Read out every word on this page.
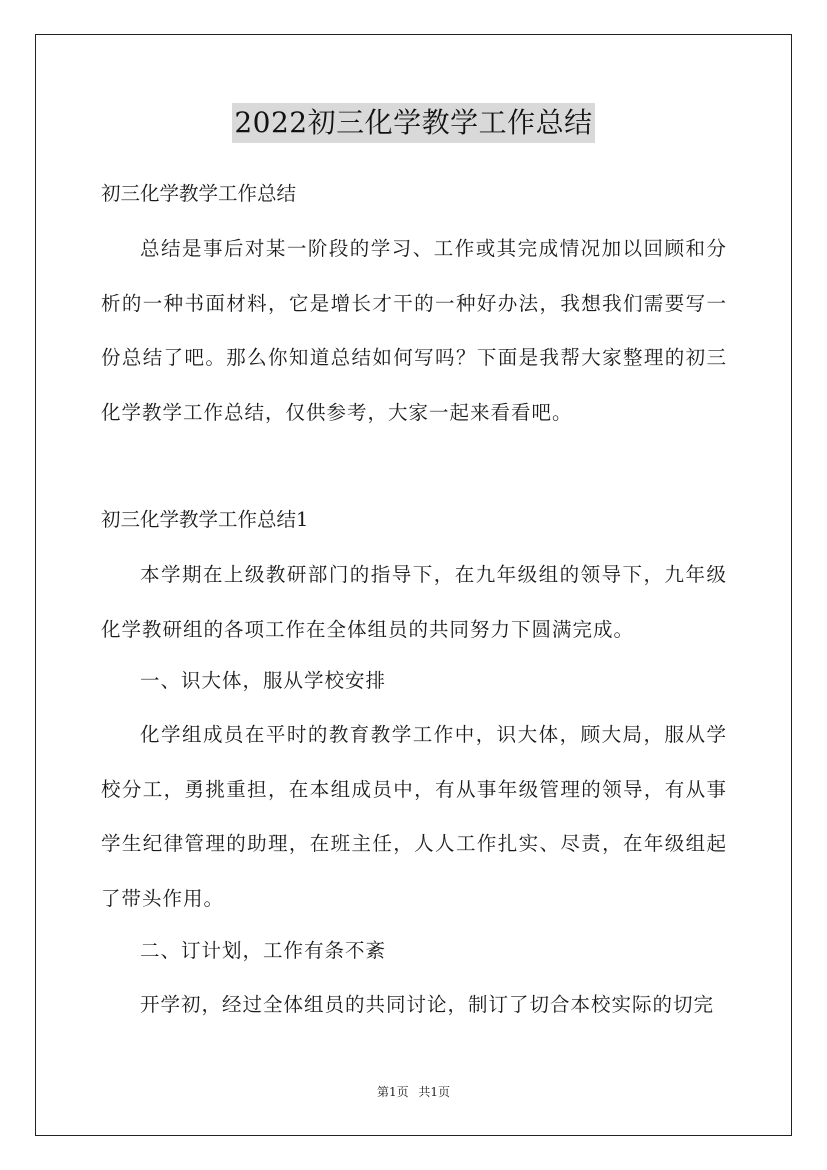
2022初三化学教学工作总结
初三化学教学工作总结
总结是事后对某一阶段的学习、工作或其完成情况加以回顾和分析的一种书面材料，它是增长才干的一种好办法，我想我们需要写一份总结了吧。那么你知道总结如何写吗？下面是我帮大家整理的初三化学教学工作总结，仅供参考，大家一起来看看吧。
初三化学教学工作总结1
本学期在上级教研部门的指导下，在九年级组的领导下，九年级化学教研组的各项工作在全体组员的共同努力下圆满完成。
一、识大体，服从学校安排
化学组成员在平时的教育教学工作中，识大体，顾大局，服从学校分工，勇挑重担，在本组成员中，有从事年级管理的领导，有从事学生纪律管理的助理，在班主任，人人工作扎实、尽责，在年级组起了带头作用。
二、订计划，工作有条不紊
开学初，经过全体组员的共同讨论，制订了切合本校实际的切完
第1页 共1页
